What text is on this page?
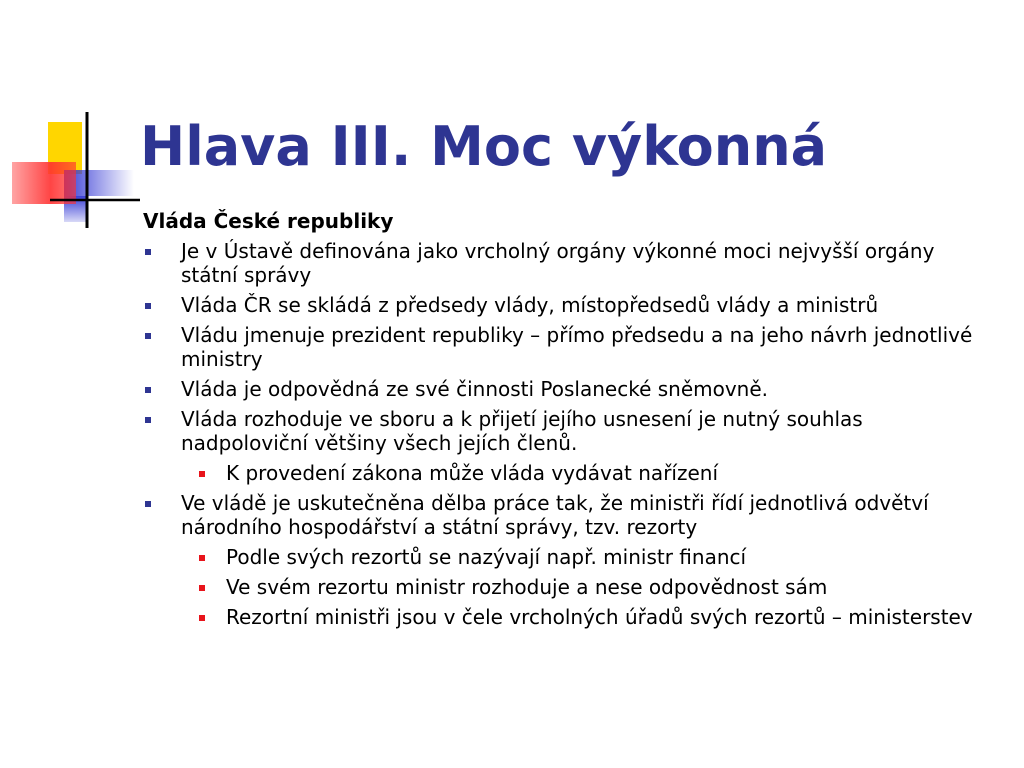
Hlava III. Moc výkonná
Vláda České republiky
Je v Ústavě definována jako vrcholný orgány výkonné moci nejvyšší orgány státní správy
Vláda ČR se skládá z předsedy vlády, místopředsedů vlády a ministrů
Vládu jmenuje prezident republiky – přímo předsedu a na jeho návrh jednotlivé ministry
Vláda je odpovědná ze své činnosti Poslanecké sněmovně.
Vláda rozhoduje ve sboru a k přijetí jejího usnesení je nutný souhlas nadpoloviční většiny všech jejích členů.
K provedení zákona může vláda vydávat nařízení
Ve vládě je uskutečněna dělba práce tak, že ministři řídí jednotlivá odvětví národního hospodářství a státní správy, tzv. rezorty
Podle svých rezortů se nazývají např. ministr financí
Ve svém rezortu ministr rozhoduje a nese odpovědnost sám
Rezortní ministři jsou v čele vrcholných úřadů svých rezortů – ministerstev
